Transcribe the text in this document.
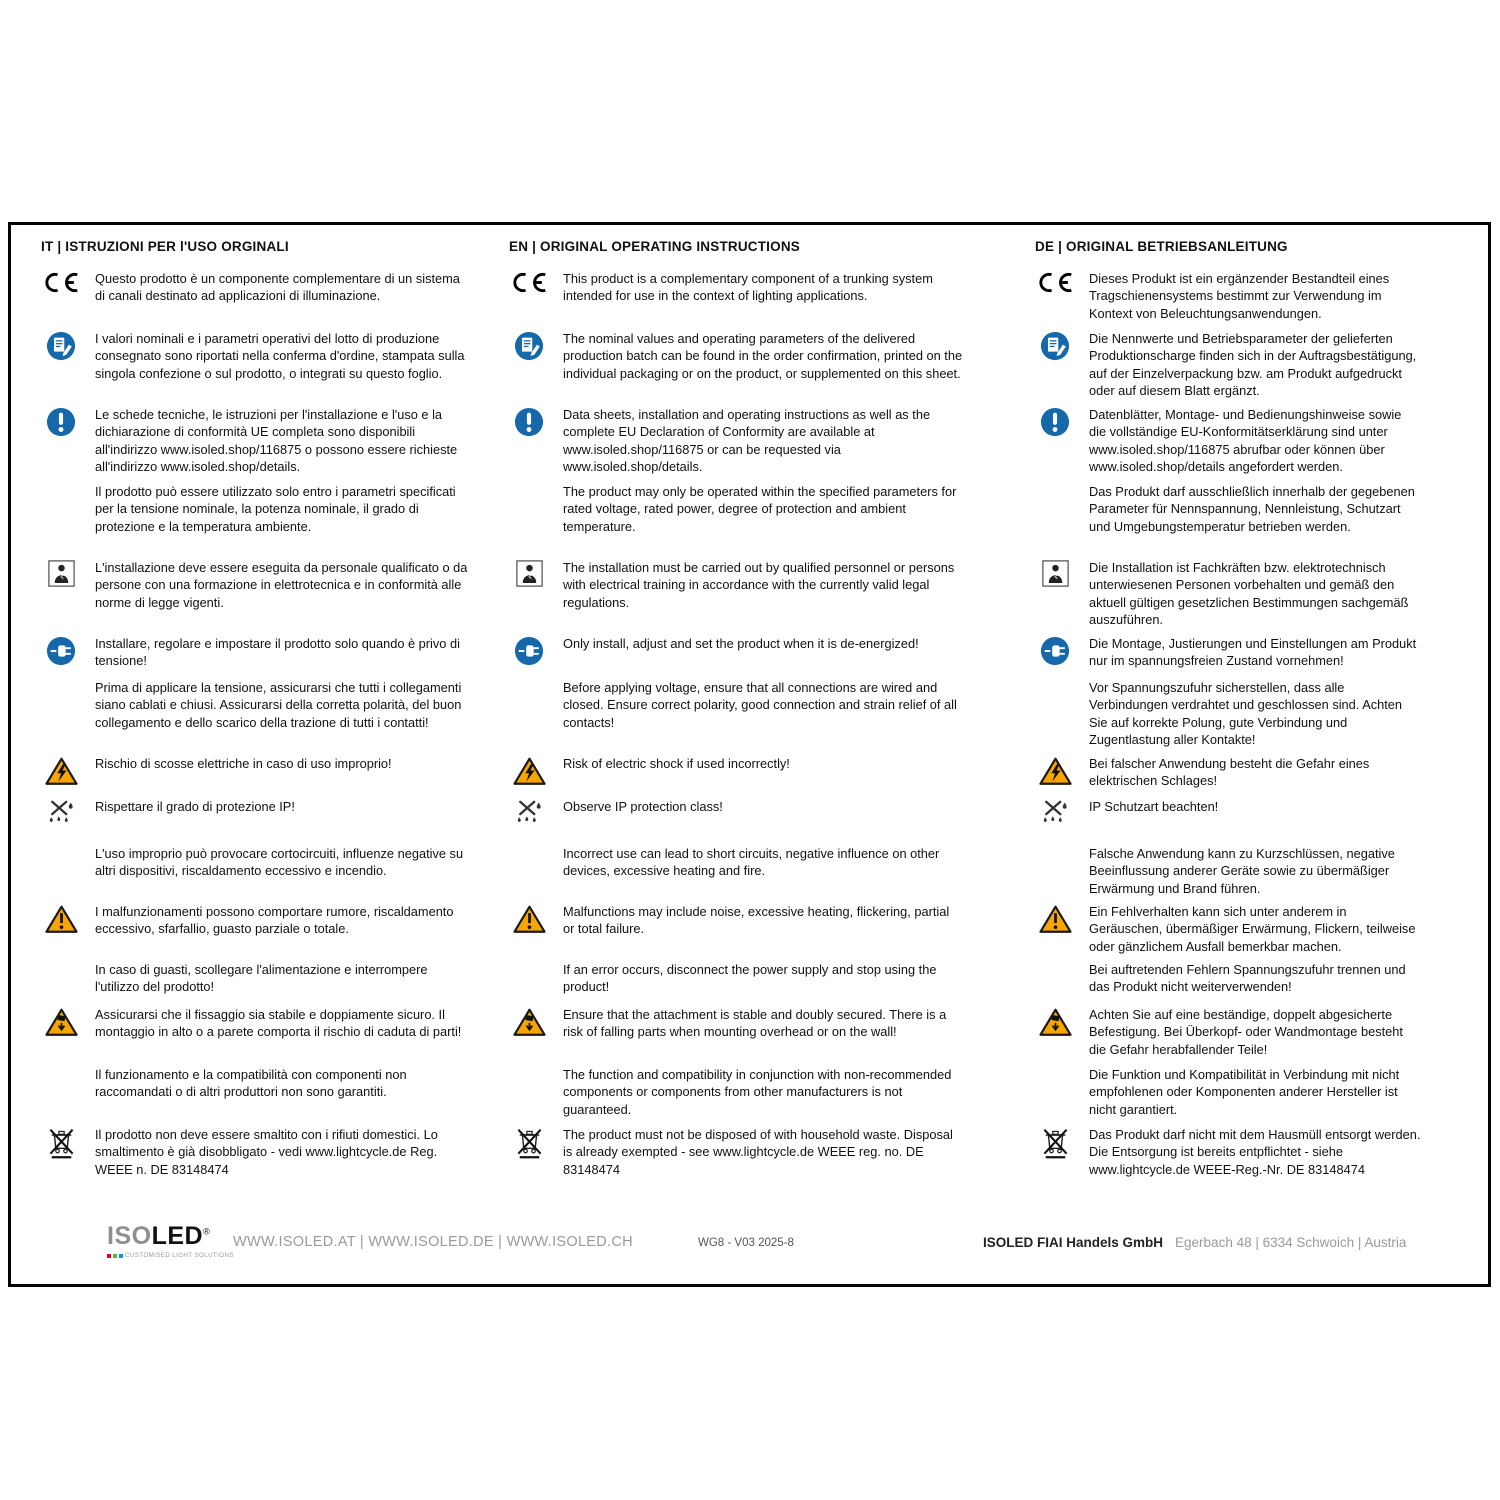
IT | ISTRUZIONI PER l'USO ORGINALI
Questo prodotto è un componente complementare di un sistema di canali destinato ad applicazioni di illuminazione.
I valori nominali e i parametri operativi del lotto di produzione consegnato sono riportati nella conferma d'ordine, stampata sulla singola confezione o sul prodotto, o integrati su questo foglio.
Le schede tecniche, le istruzioni per l'installazione e l'uso e la dichiarazione di conformità UE completa sono disponibili all'indirizzo www.isoled.shop/116875 o possono essere richieste all'indirizzo www.isoled.shop/details.
Il prodotto può essere utilizzato solo entro i parametri specificati per la tensione nominale, la potenza nominale, il grado di protezione e la temperatura ambiente.
L'installazione deve essere eseguita da personale qualificato o da persone con una formazione in elettrotecnica e in conformità alle norme di legge vigenti.
Installare, regolare e impostare il prodotto solo quando è privo di tensione!
Prima di applicare la tensione, assicurarsi che tutti i collegamenti siano cablati e chiusi. Assicurarsi della corretta polarità, del buon collegamento e dello scarico della trazione di tutti i contatti!
Rischio di scosse elettriche in caso di uso improprio!
Rispettare il grado di protezione IP!
L'uso improprio può provocare cortocircuiti, influenze negative su altri dispositivi, riscaldamento eccessivo e incendio.
I malfunzionamenti possono comportare rumore, riscaldamento eccessivo, sfarfallio, guasto parziale o totale.
In caso di guasti, scollegare l'alimentazione e interrompere l'utilizzo del prodotto!
Assicurarsi che il fissaggio sia stabile e doppiamente sicuro. Il montaggio in alto o a parete comporta il rischio di caduta di parti!
Il funzionamento e la compatibilità con componenti non raccomandati o di altri produttori non sono garantiti.
Il prodotto non deve essere smaltito con i rifiuti domestici. Lo smaltimento è già disobbligato - vedi www.lightcycle.de Reg. WEEE n. DE 83148474
EN | ORIGINAL OPERATING INSTRUCTIONS
This product is a complementary component of a trunking system intended for use in the context of lighting applications.
The nominal values and operating parameters of the delivered production batch can be found in the order confirmation, printed on the individual packaging or on the product, or supplemented on this sheet.
Data sheets, installation and operating instructions as well as the complete EU Declaration of Conformity are available at www.isoled.shop/116875 or can be requested via www.isoled.shop/details.
The product may only be operated within the specified parameters for rated voltage, rated power, degree of protection and ambient temperature.
The installation must be carried out by qualified personnel or persons with electrical training in accordance with the currently valid legal regulations.
Only install, adjust and set the product when it is de-energized!
Before applying voltage, ensure that all connections are wired and closed. Ensure correct polarity, good connection and strain relief of all contacts!
Risk of electric shock if used incorrectly!
Observe IP protection class!
Incorrect use can lead to short circuits, negative influence on other devices, excessive heating and fire.
Malfunctions may include noise, excessive heating, flickering, partial or total failure.
If an error occurs, disconnect the power supply and stop using the product!
Ensure that the attachment is stable and doubly secured. There is a risk of falling parts when mounting overhead or on the wall!
The function and compatibility in conjunction with non-recommended components or components from other manufacturers is not guaranteed.
The product must not be disposed of with household waste. Disposal is already exempted - see www.lightcycle.de WEEE reg. no. DE 83148474
DE | ORIGINAL BETRIEBSANLEITUNG
Dieses Produkt ist ein ergänzender Bestandteil eines Tragschienensystems bestimmt zur Verwendung im Kontext von Beleuchtungsanwendungen.
Die Nennwerte und Betriebsparameter der gelieferten Produktionscharge finden sich in der Auftragsbestätigung, auf der Einzelverpackung bzw. am Produkt aufgedruckt oder auf diesem Blatt ergänzt.
Datenblätter, Montage- und Bedienungshinweise sowie die vollständige EU-Konformitätserklärung sind unter www.isoled.shop/116875 abrufbar oder können über www.isoled.shop/details angefordert werden.
Das Produkt darf ausschließlich innerhalb der gegebenen Parameter für Nennspannung, Nennleistung, Schutzart und Umgebungstemperatur betrieben werden.
Die Installation ist Fachkräften bzw. elektrotechnisch unterwiesenen Personen vorbehalten und gemäß den aktuell gültigen gesetzlichen Bestimmungen sachgemäß auszuführen.
Die Montage, Justierungen und Einstellungen am Produkt nur im spannungsfreien Zustand vornehmen!
Vor Spannungszufuhr sicherstellen, dass alle Verbindungen verdrahtet und geschlossen sind. Achten Sie auf korrekte Polung, gute Verbindung und Zugentlastung aller Kontakte!
Bei falscher Anwendung besteht die Gefahr eines elektrischen Schlages!
IP Schutzart beachten!
Falsche Anwendung kann zu Kurzschlüssen, negative Beeinflussung anderer Geräte sowie zu übermäßiger Erwärmung und Brand führen.
Ein Fehlverhalten kann sich unter anderem in Geräuschen, übermäßiger Erwärmung, Flickern, teilweise oder gänzlichem Ausfall bemerkbar machen.
Bei auftretenden Fehlern Spannungszufuhr trennen und das Produkt nicht weiterverwenden!
Achten Sie auf eine beständige, doppelt abgesicherte Befestigung. Bei Überkopf- oder Wandmontage besteht die Gefahr herabfallender Teile!
Die Funktion und Kompatibilität in Verbindung mit nicht empfohlenen oder Komponenten anderer Hersteller ist nicht garantiert.
Das Produkt darf nicht mit dem Hausmüll entsorgt werden. Die Entsorgung ist bereits entpflichtet - siehe www.lightcycle.de WEEE-Reg.-Nr. DE 83148474
ISOLED®
CUSTOMISED LIGHT SOLUTIONS
WWW.ISOLED.AT | WWW.ISOLED.DE | WWW.ISOLED.CH	WG8 - V03 2025-8	ISOLED FIAI Handels GmbH Egerbach 48 | 6334 Schwoich | Austria
